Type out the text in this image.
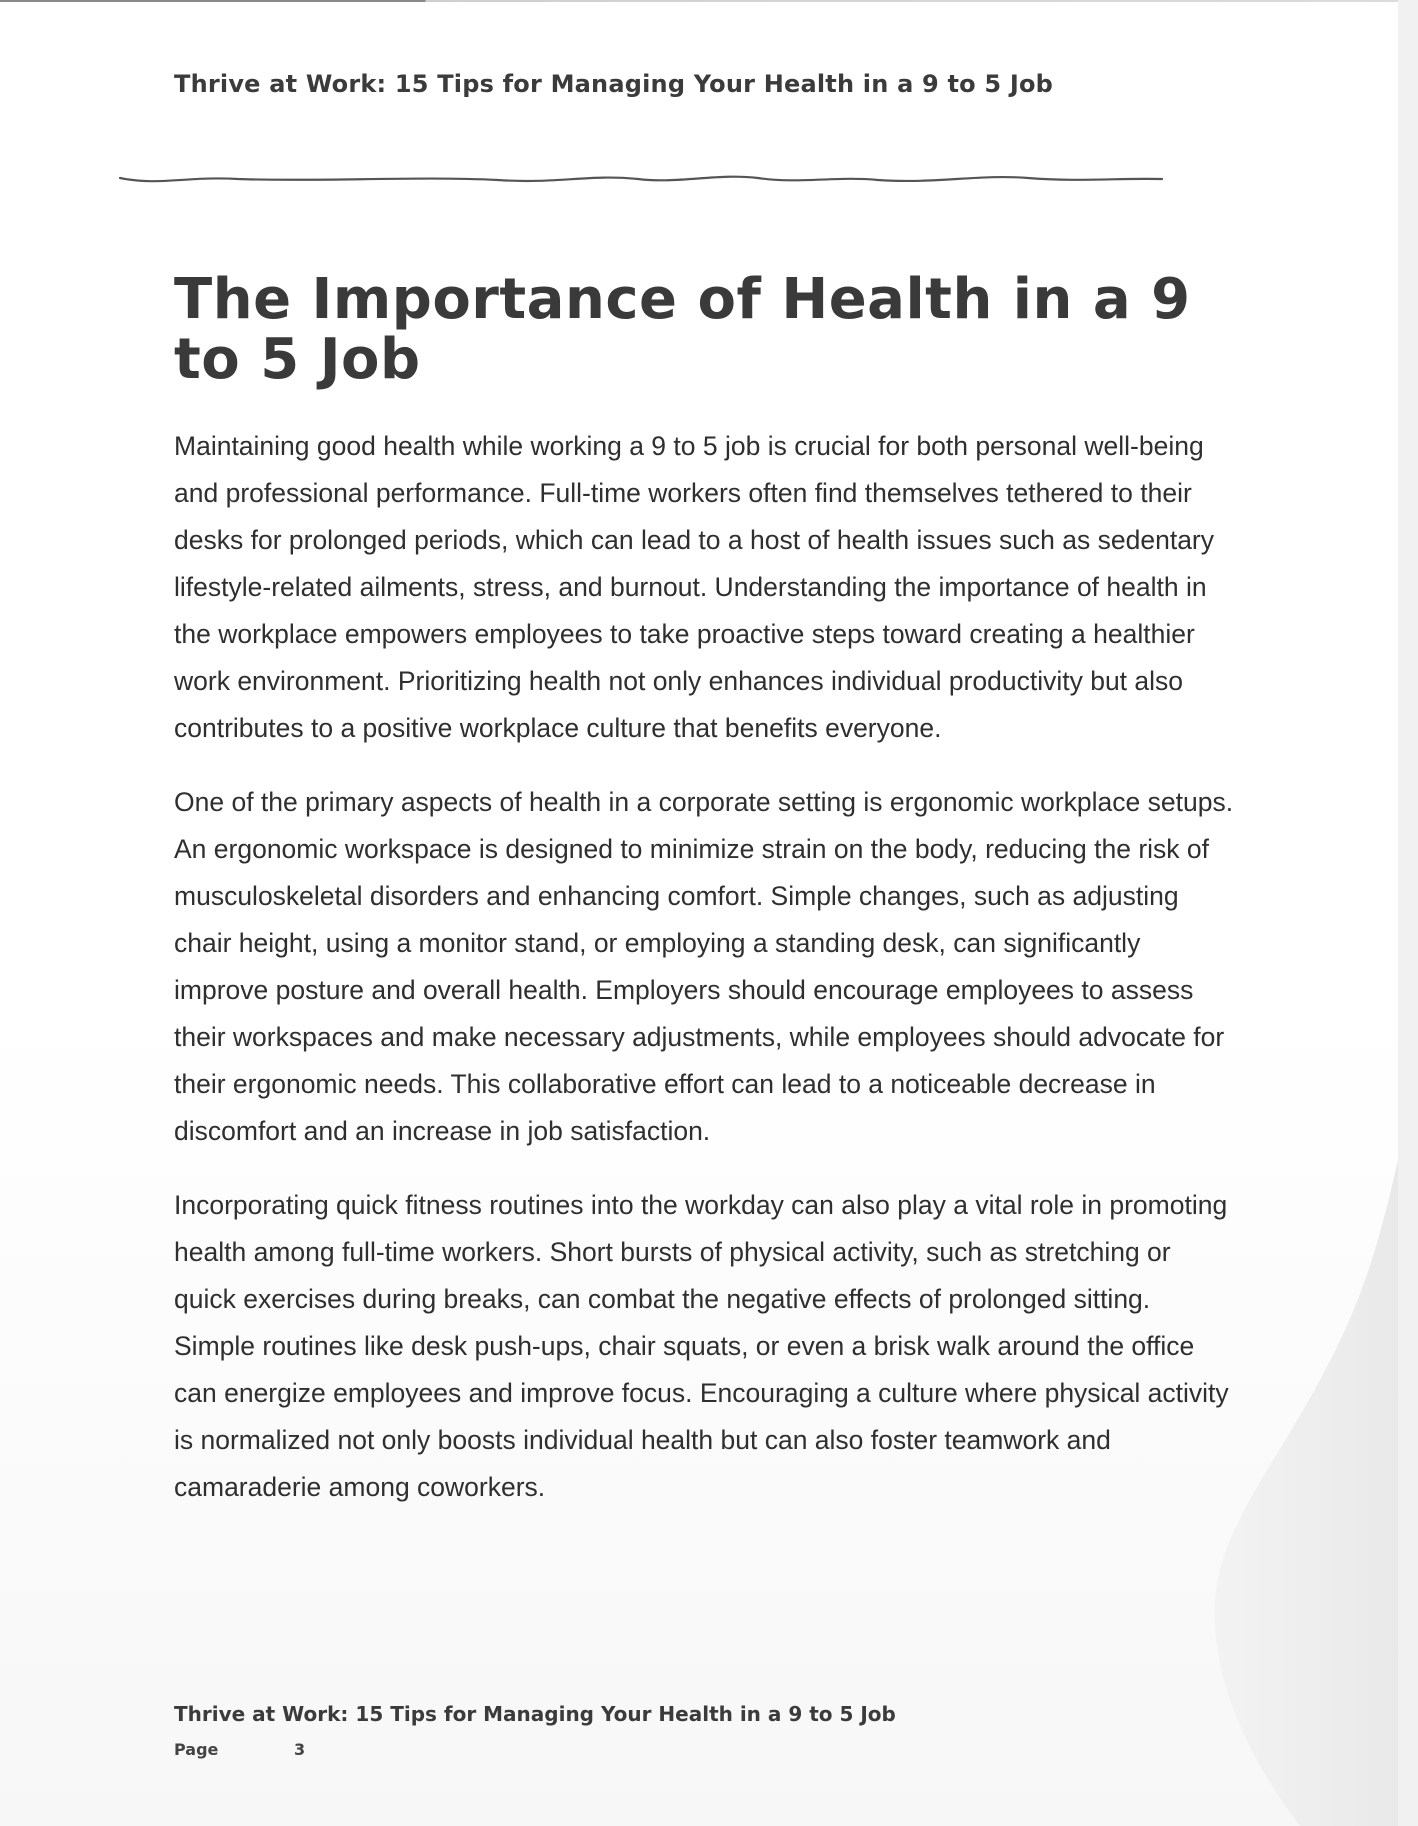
Thrive at Work: 15 Tips for Managing Your Health in a 9 to 5 Job
The Importance of Health in a 9 to 5 Job

Maintaining good health while working a 9 to 5 job is crucial for both personal well-being and professional performance. Full-time workers often find themselves tethered to their desks for prolonged periods, which can lead to a host of health issues such as sedentary lifestyle-related ailments, stress, and burnout. Understanding the importance of health in the workplace empowers employees to take proactive steps toward creating a healthier work environment. Prioritizing health not only enhances individual productivity but also contributes to a positive workplace culture that benefits everyone.

One of the primary aspects of health in a corporate setting is ergonomic workplace setups. An ergonomic workspace is designed to minimize strain on the body, reducing the risk of musculoskeletal disorders and enhancing comfort. Simple changes, such as adjusting chair height, using a monitor stand, or employing a standing desk, can significantly improve posture and overall health. Employers should encourage employees to assess their workspaces and make necessary adjustments, while employees should advocate for their ergonomic needs. This collaborative effort can lead to a noticeable decrease in discomfort and an increase in job satisfaction.

Incorporating quick fitness routines into the workday can also play a vital role in promoting health among full-time workers. Short bursts of physical activity, such as stretching or quick exercises during breaks, can combat the negative effects of prolonged sitting. Simple routines like desk push-ups, chair squats, or even a brisk walk around the office can energize employees and improve focus. Encouraging a culture where physical activity is normalized not only boosts individual health but can also foster teamwork and camaraderie among coworkers.

Thrive at Work: 15 Tips for Managing Your Health in a 9 to 5 Job
Page	3
